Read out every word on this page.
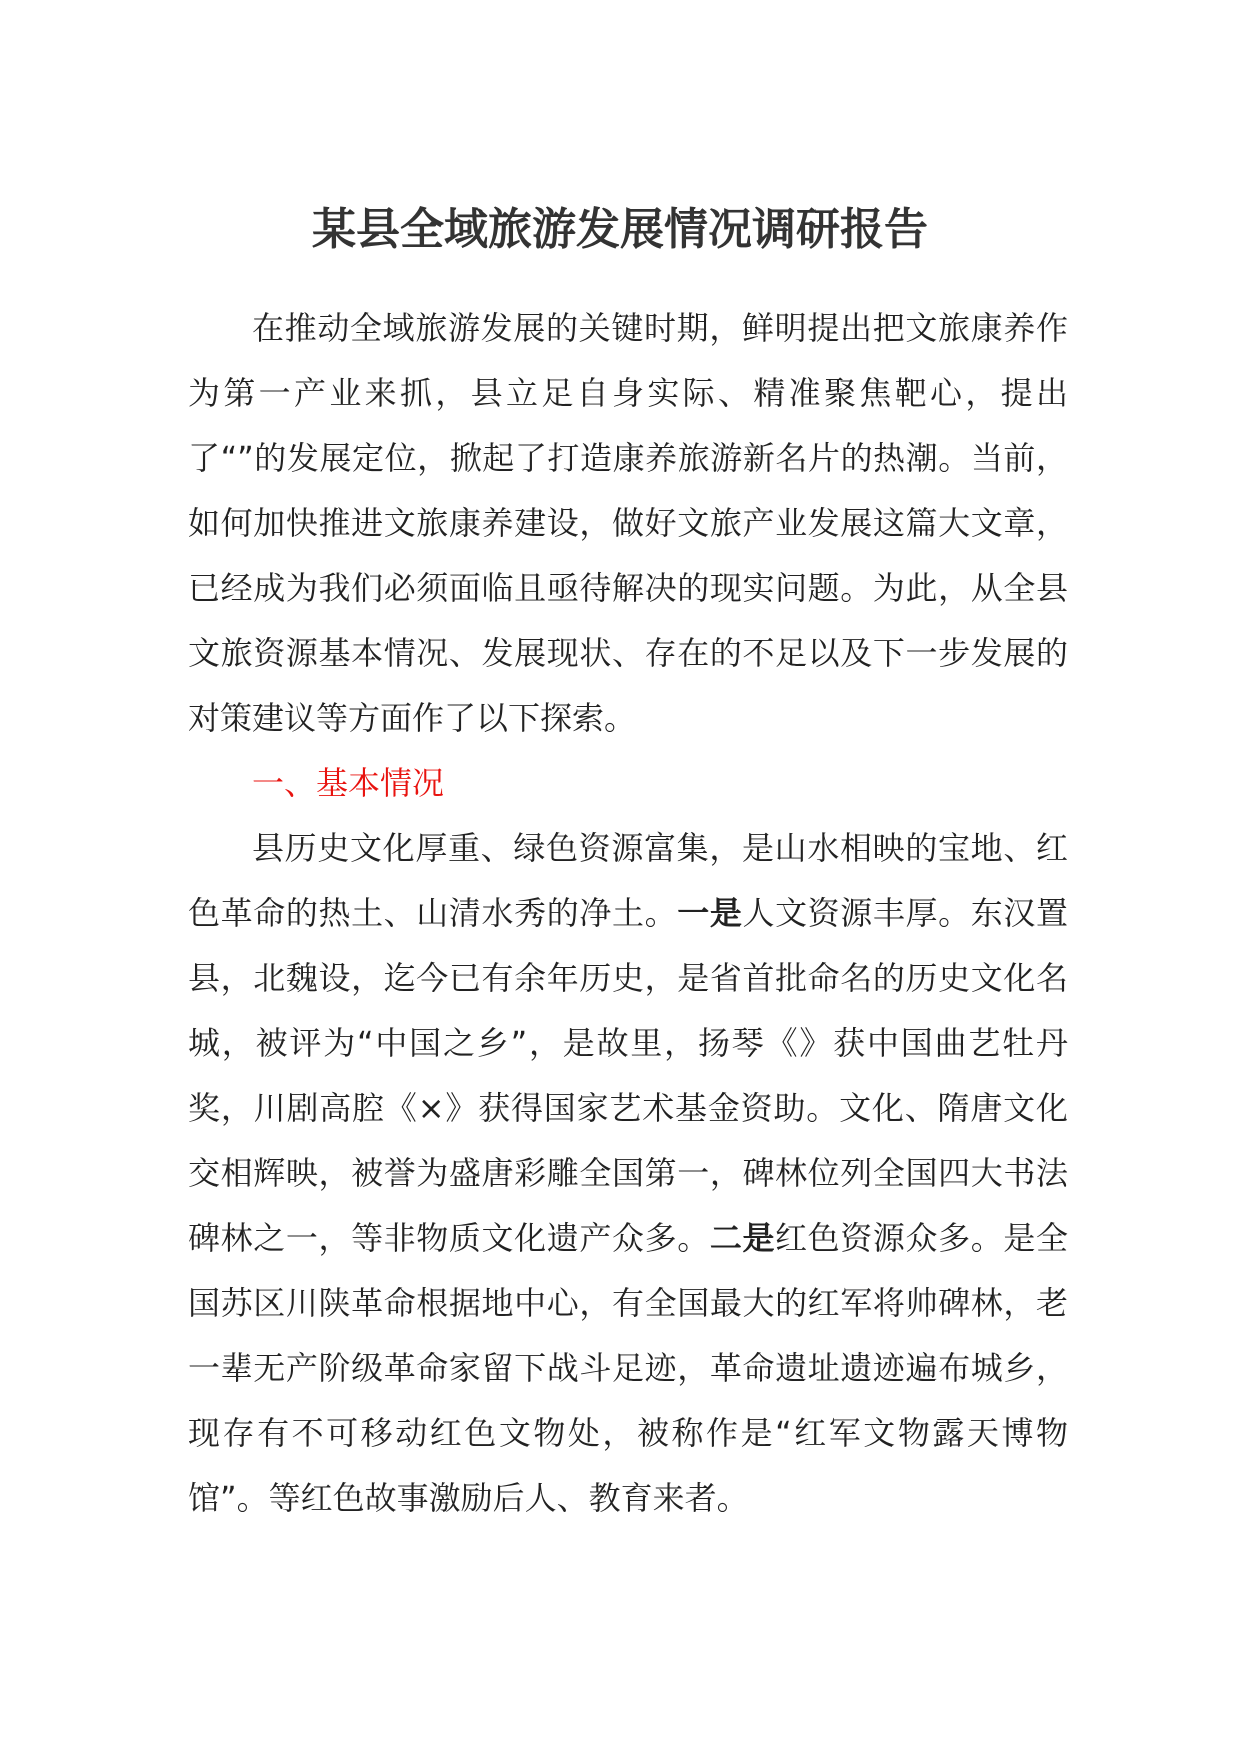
某县全域旅游发展情况调研报告

在推动全域旅游发展的关键时期，鲜明提出把文旅康养作为第一产业来抓，县立足自身实际、精准聚焦靶心，提出了“”的发展定位，掀起了打造康养旅游新名片的热潮。当前，如何加快推进文旅康养建设，做好文旅产业发展这篇大文章，已经成为我们必须面临且亟待解决的现实问题。为此，从全县文旅资源基本情况、发展现状、存在的不足以及下一步发展的对策建议等方面作了以下探索。

一、基本情况

县历史文化厚重、绿色资源富集，是山水相映的宝地、红色革命的热土、山清水秀的净土。一是人文资源丰厚。东汉置县，北魏设，迄今已有余年历史，是省首批命名的历史文化名城，被评为“中国之乡”，是故里，扬琴《》获中国曲艺牡丹奖，川剧高腔《×》获得国家艺术基金资助。文化、隋唐文化交相辉映，被誉为盛唐彩雕全国第一，碑林位列全国四大书法碑林之一，等非物质文化遗产众多。二是红色资源众多。是全国苏区川陕革命根据地中心，有全国最大的红军将帅碑林，老一辈无产阶级革命家留下战斗足迹，革命遗址遗迹遍布城乡，现存有不可移动红色文物处，被称作是“红军文物露天博物馆”。等红色故事激励后人、教育来者。
